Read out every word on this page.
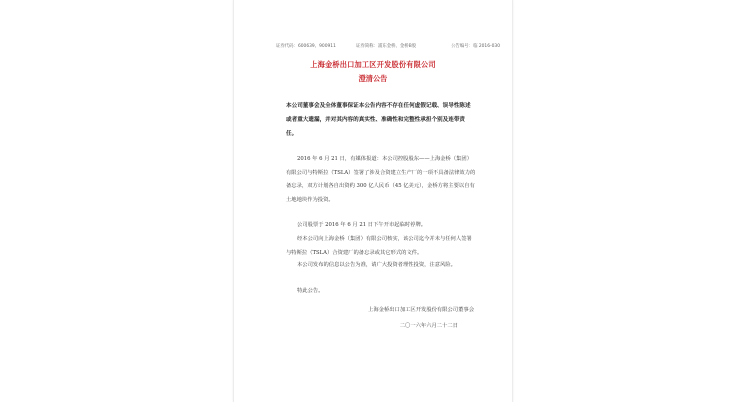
证券代码：600639、900911	证券简称：浦东金桥、金桥B股	公告编号：临 2016-030
上海金桥出口加工区开发股份有限公司
澄清公告
本公司董事会及全体董事保证本公告内容不存在任何虚假记载、误导性陈述或者重大遗漏，并对其内容的真实性、准确性和完整性承担个别及连带责任。
2016 年 6 月 21 日，有媒体报道：本公司控股股东——上海金桥（集团）有限公司与特斯拉（TSLA）签署了涉及合资建立生产厂的一项不具备法律效力的备忘录，双方计划各自出资约 300 亿人民币（45 亿美元），金桥方将主要以自有土地地块作为投资。
公司股票于 2016 年 6 月 21 日下午开市起临时停牌。
经本公司向上海金桥（集团）有限公司核实，该公司迄今并未与任何人签署与特斯拉（TSLA）合资建厂的备忘录或其它形式的文件。
本公司发布的信息以公告为准，请广大投资者理性投资，注意风险。
特此公告。
上海金桥出口加工区开发股份有限公司董事会
二〇一六年六月二十二日
